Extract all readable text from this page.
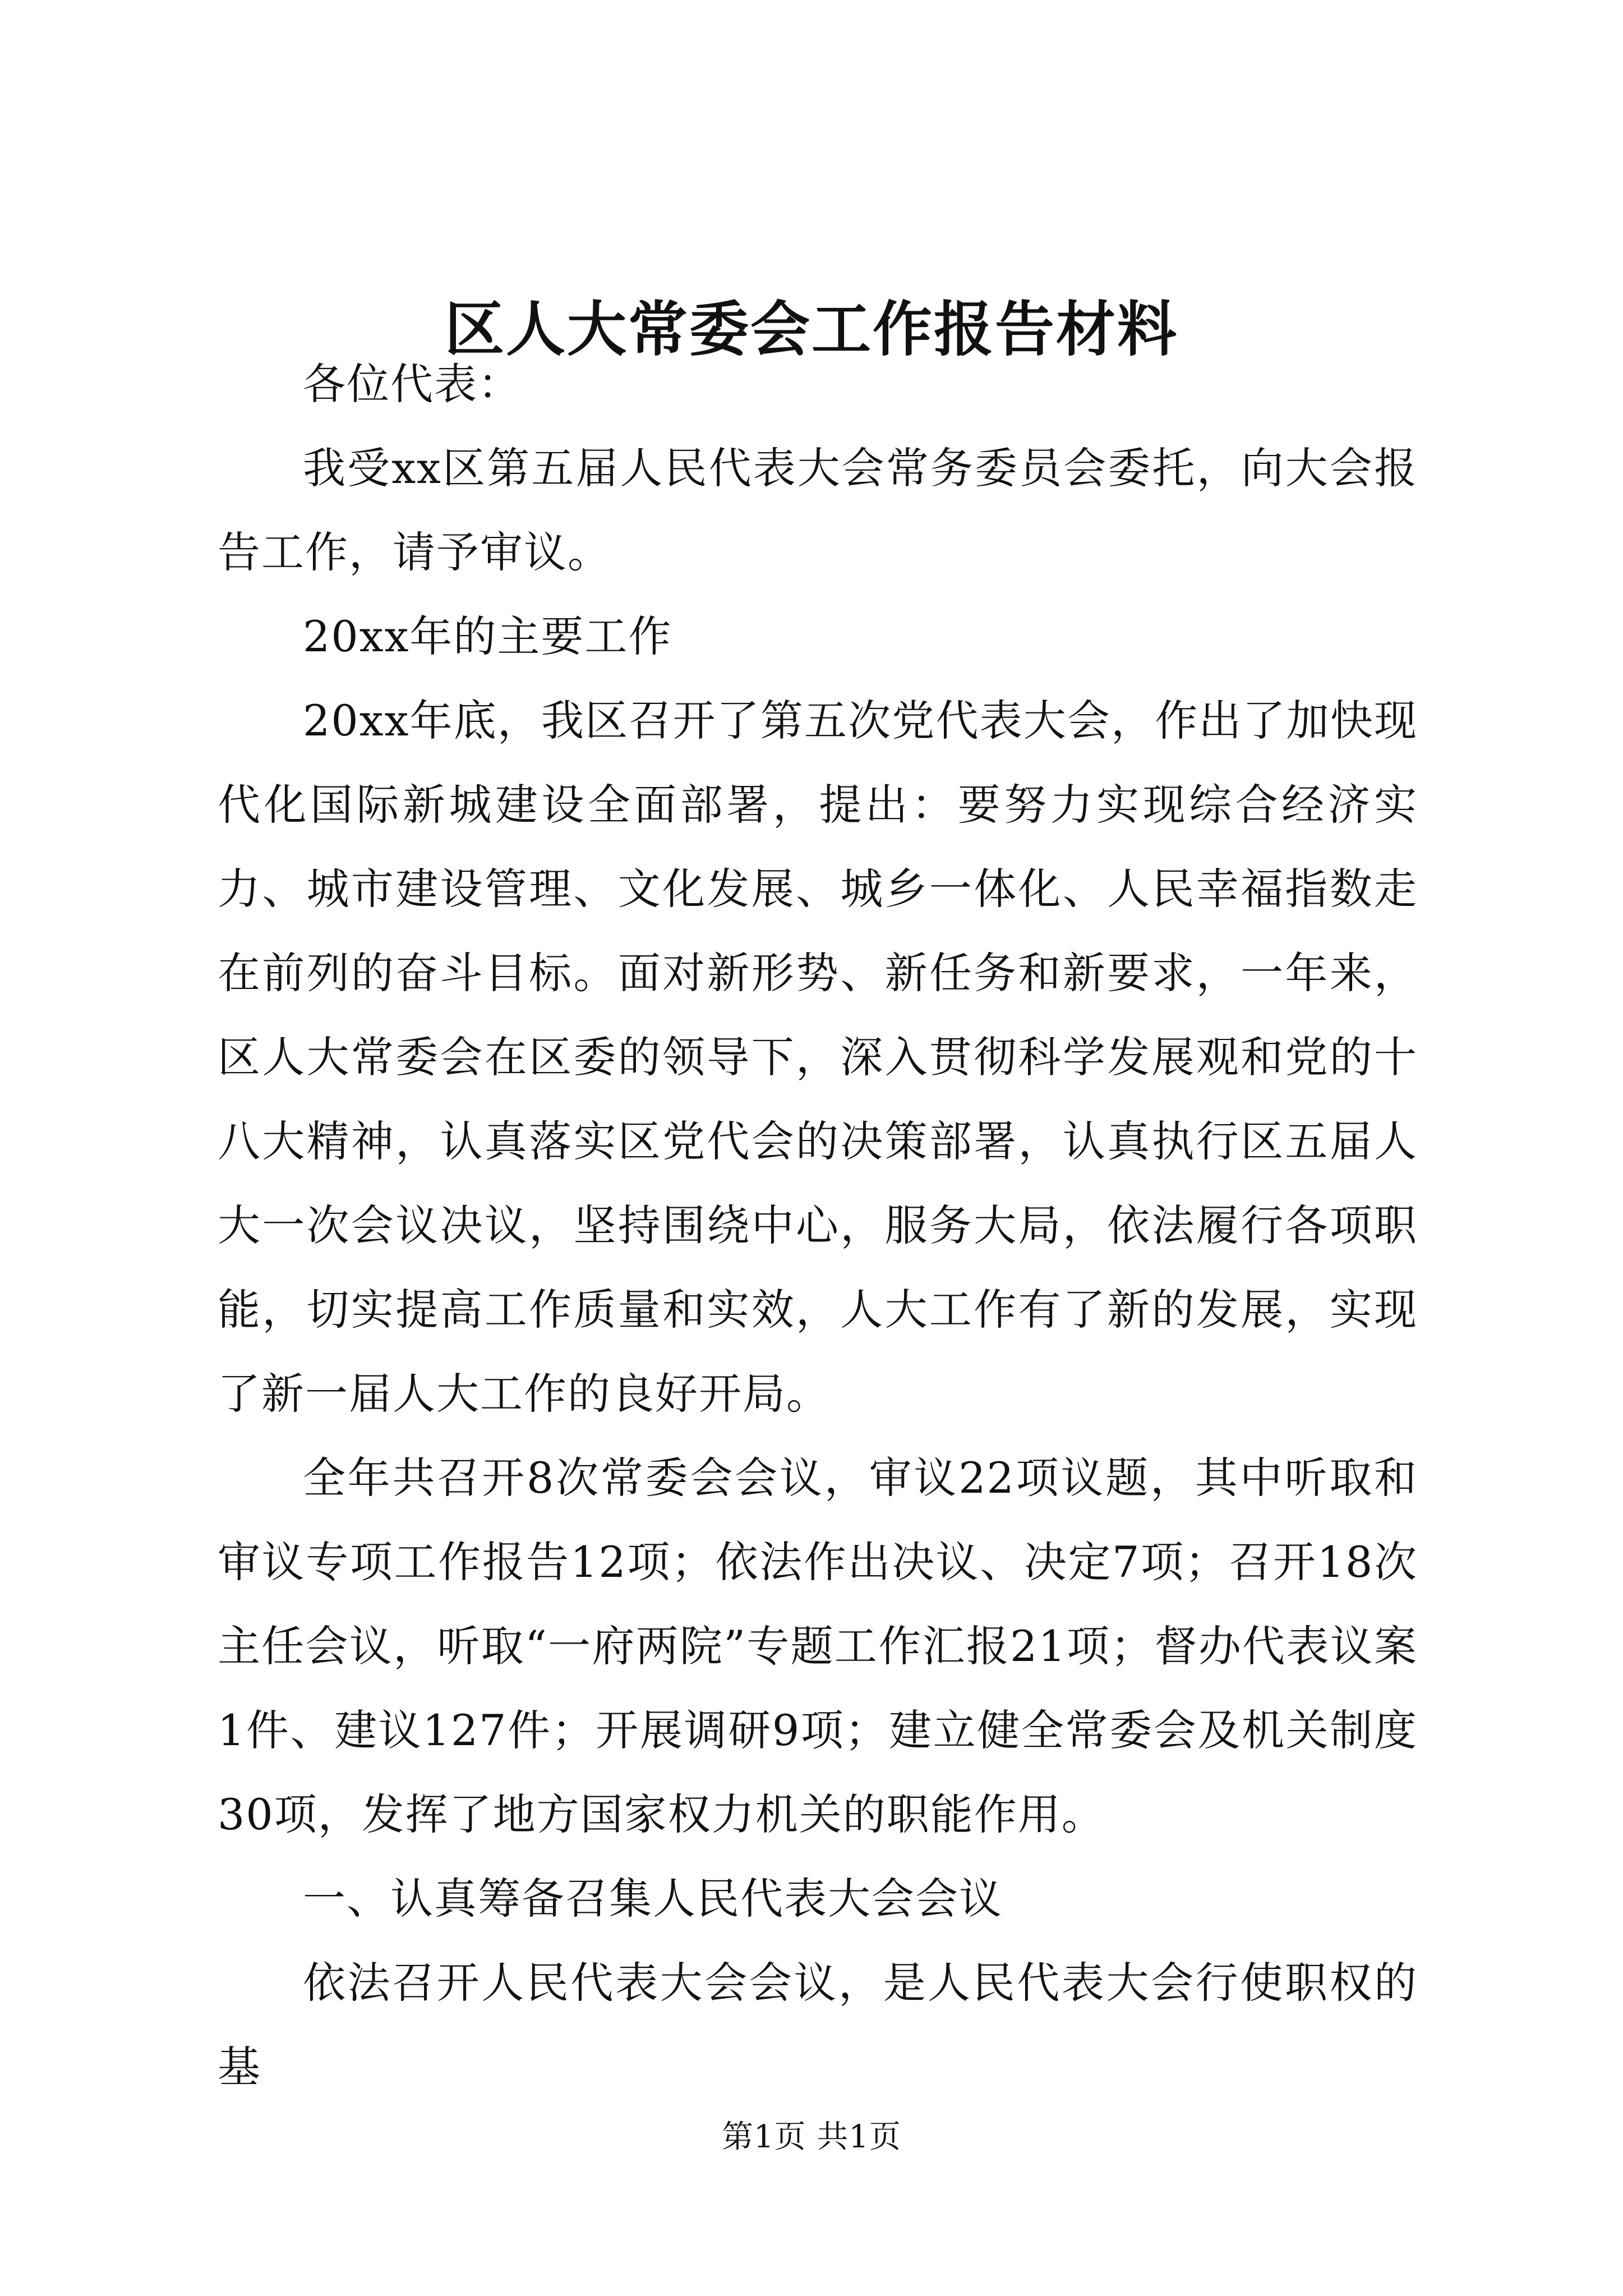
区人大常委会工作报告材料

各位代表：

我受xx区第五届人民代表大会常务委员会委托，向大会报告工作，请予审议。

20xx年的主要工作

20xx年底，我区召开了第五次党代表大会，作出了加快现代化国际新城建设全面部署，提出：要努力实现综合经济实力、城市建设管理、文化发展、城乡一体化、人民幸福指数走在前列的奋斗目标。面对新形势、新任务和新要求，一年来，区人大常委会在区委的领导下，深入贯彻科学发展观和党的十八大精神，认真落实区党代会的决策部署，认真执行区五届人大一次会议决议，坚持围绕中心，服务大局，依法履行各项职能，切实提高工作质量和实效，人大工作有了新的发展，实现了新一届人大工作的良好开局。

全年共召开8次常委会会议，审议22项议题，其中听取和审议专项工作报告12项；依法作出决议、决定7项；召开18次主任会议，听取“一府两院”专题工作汇报21项；督办代表议案1件、建议127件；开展调研9项；建立健全常委会及机关制度30项，发挥了地方国家权力机关的职能作用。

一、认真筹备召集人民代表大会会议

依法召开人民代表大会会议，是人民代表大会行使职权的基

第1页 共1页
